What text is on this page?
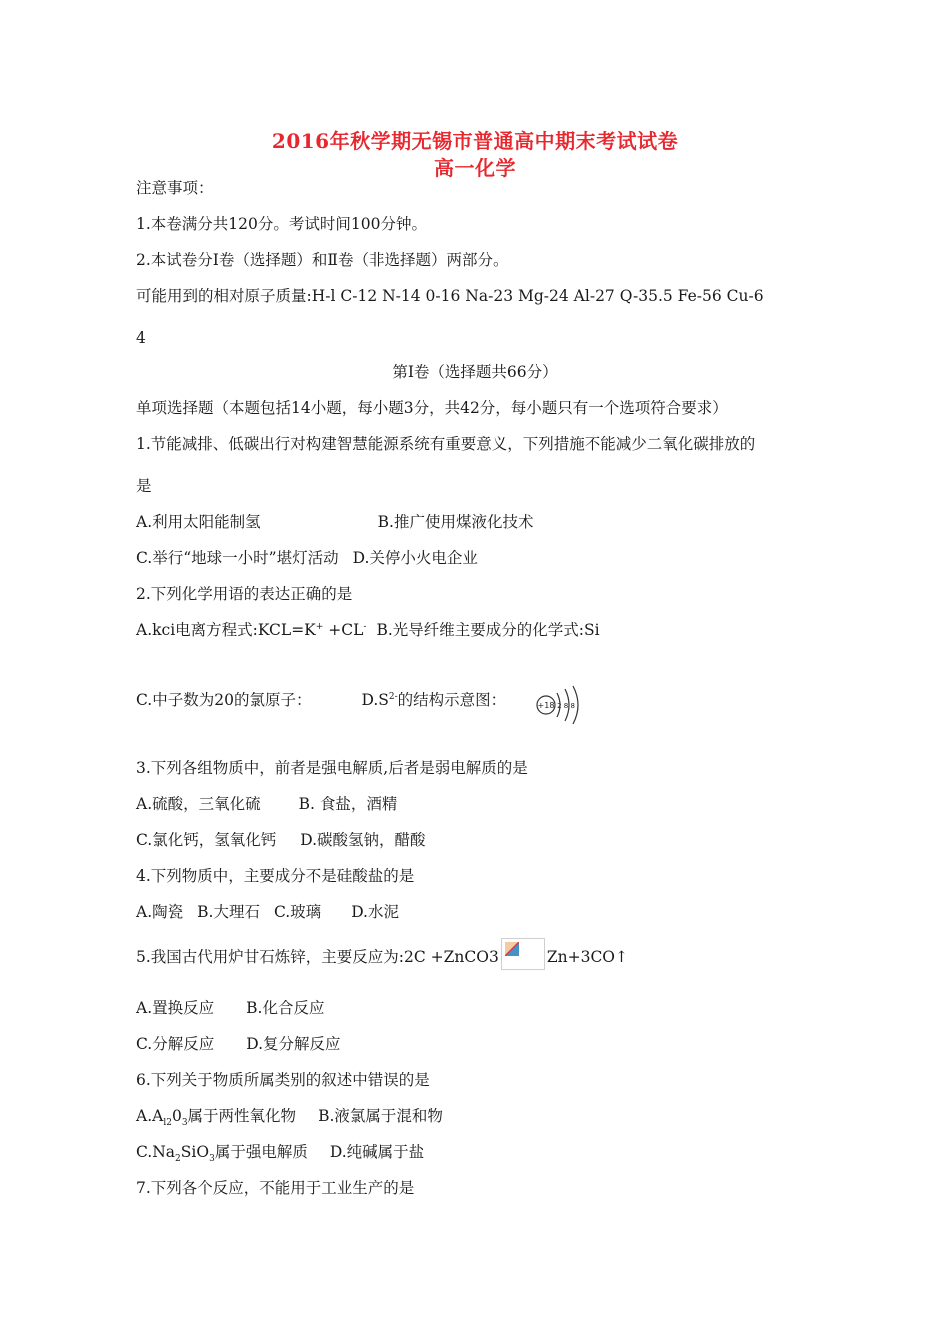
2016年秋学期无锡市普通高中期末考试试卷
高一化学
注意事项：
1.本卷满分共120分。考试时间100分钟。
2.本试卷分Ⅰ卷（选择题）和Ⅱ卷（非选择题）两部分。
可能用到的相对原子质量:H-l C-12 N-14 0-16 Na-23 Mg-24 Al-27 Q-35.5 Fe-56 Cu-6
4
第Ⅰ卷（选择题共66分）
单项选择题（本题包括14小题，每小题3分，共42分，每小题只有一个选项符合要求）
1.节能减排、低碳出行对构建智慧能源系统有重要意义，下列措施不能减少二氧化碳排放的
是
A.利用太阳能制氢	B.推广使用煤液化技术
C.举行“地球一小时”堪灯活动 D.关停小火电企业
2.下列化学用语的表达正确的是
A.kci电离方程式:KCL=K+ +CL- B.光导纤维主要成分的化学式:Si
C.中子数为20的氯原子：	$D.S^{2-}$的结构示意图：	+18 2 8 8
3.下列各组物质中，前者是强电解质,后者是弱电解质的是
A.硫酸，三氧化硫 B. 食盐，酒精
C.氯化钙，氢氧化钙 D.碳酸氢钠，醋酸
4.下列物质中，主要成分不是硅酸盐的是
A.陶瓷 B.大理石 C.玻璃 D.水泥
5.我国古代用炉甘石炼锌，主要反应为:2C +ZnCO3	Zn+3CO↑
A.置换反应 B.化合反应
C.分解反应 D.复分解反应
6.下列关于物质所属类别的叙述中错误的是
$A.A_{l2}0_3$属于两性氧化物 B.液氯属于混和物
$C.Na_2SiO_3$属于强电解质 D.纯碱属于盐
7.下列各个反应，不能用于工业生产的是
